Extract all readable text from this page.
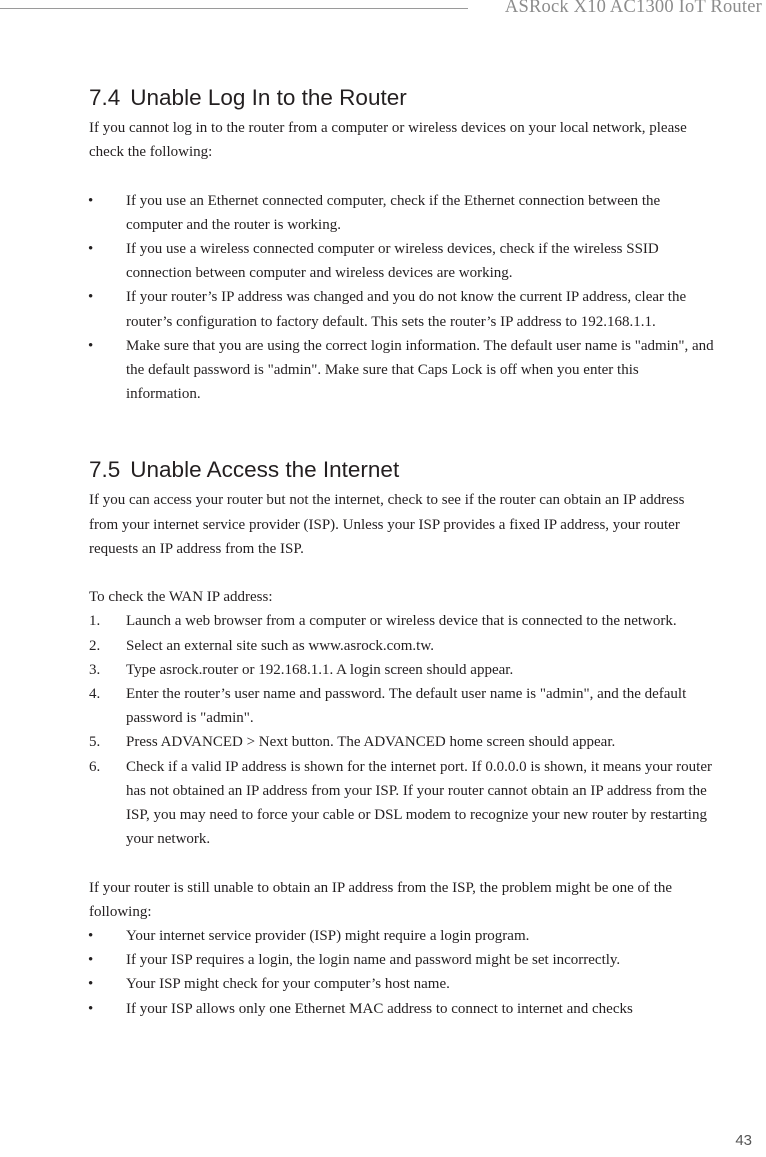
ASRock X10 AC1300 IoT Router
7.4 Unable Log In to the Router

If you cannot log in to the router from a computer or wireless devices on your local network, please check the following:

• If you use an Ethernet connected computer, check if the Ethernet connection between the computer and the router is working.
• If you use a wireless connected computer or wireless devices, check if the wireless SSID connection between computer and wireless devices are working.
• If your router’s IP address was changed and you do not know the current IP address, clear the router’s configuration to factory default. This sets the router’s IP address to 192.168.1.1.
• Make sure that you are using the correct login information. The default user name is "admin", and the default password is "admin". Make sure that Caps Lock is off when you enter this information.
7.5 Unable Access the Internet

If you can access your router but not the internet, check to see if the router can obtain an IP address from your internet service provider (ISP). Unless your ISP provides a fixed IP address, your router requests an IP address from the ISP.

To check the WAN IP address:

1. Launch a web browser from a computer or wireless device that is connected to the network.
2. Select an external site such as www.asrock.com.tw.
3. Type asrock.router or 192.168.1.1. A login screen should appear.
4. Enter the router’s user name and password. The default user name is "admin", and the default password is "admin".
5. Press ADVANCED > Next button. The ADVANCED home screen should appear.
6. Check if a valid IP address is shown for the internet port. If 0.0.0.0 is shown, it means your router has not obtained an IP address from your ISP. If your router cannot obtain an IP address from the ISP, you may need to force your cable or DSL modem to recognize your new router by restarting your network.

If your router is still unable to obtain an IP address from the ISP, the problem might be one of the following:

• Your internet service provider (ISP) might require a login program.
• If your ISP requires a login, the login name and password might be set incorrectly.
• Your ISP might check for your computer’s host name.
• If your ISP allows only one Ethernet MAC address to connect to internet and checks
43
